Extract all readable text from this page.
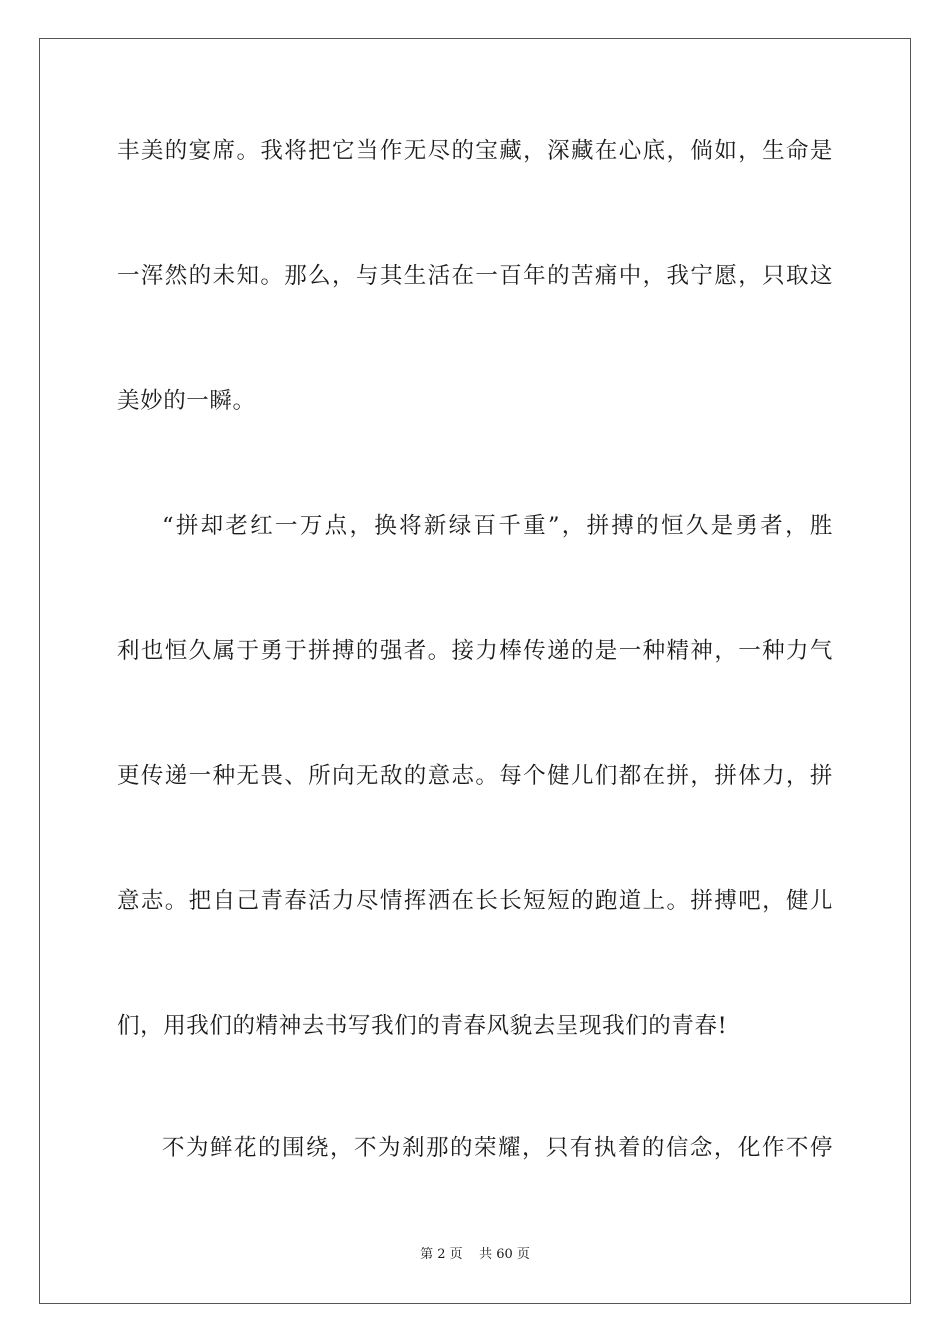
丰美的宴席。我将把它当作无尽的宝藏，深藏在心底，倘如，生命是
一浑然的未知。那么，与其生活在一百年的苦痛中，我宁愿，只取这
美妙的一瞬。
“拼却老红一万点，换将新绿百千重”，拼搏的恒久是勇者，胜
利也恒久属于勇于拼搏的强者。接力棒传递的是一种精神，一种力气
更传递一种无畏、所向无敌的意志。每个健儿们都在拼，拼体力，拼
意志。把自己青春活力尽情挥洒在长长短短的跑道上。拼搏吧，健儿
们，用我们的精神去书写我们的青春风貌去呈现我们的青春!
不为鲜花的围绕，不为刹那的荣耀，只有执着的信念，化作不停
第 2 页    共 60 页
